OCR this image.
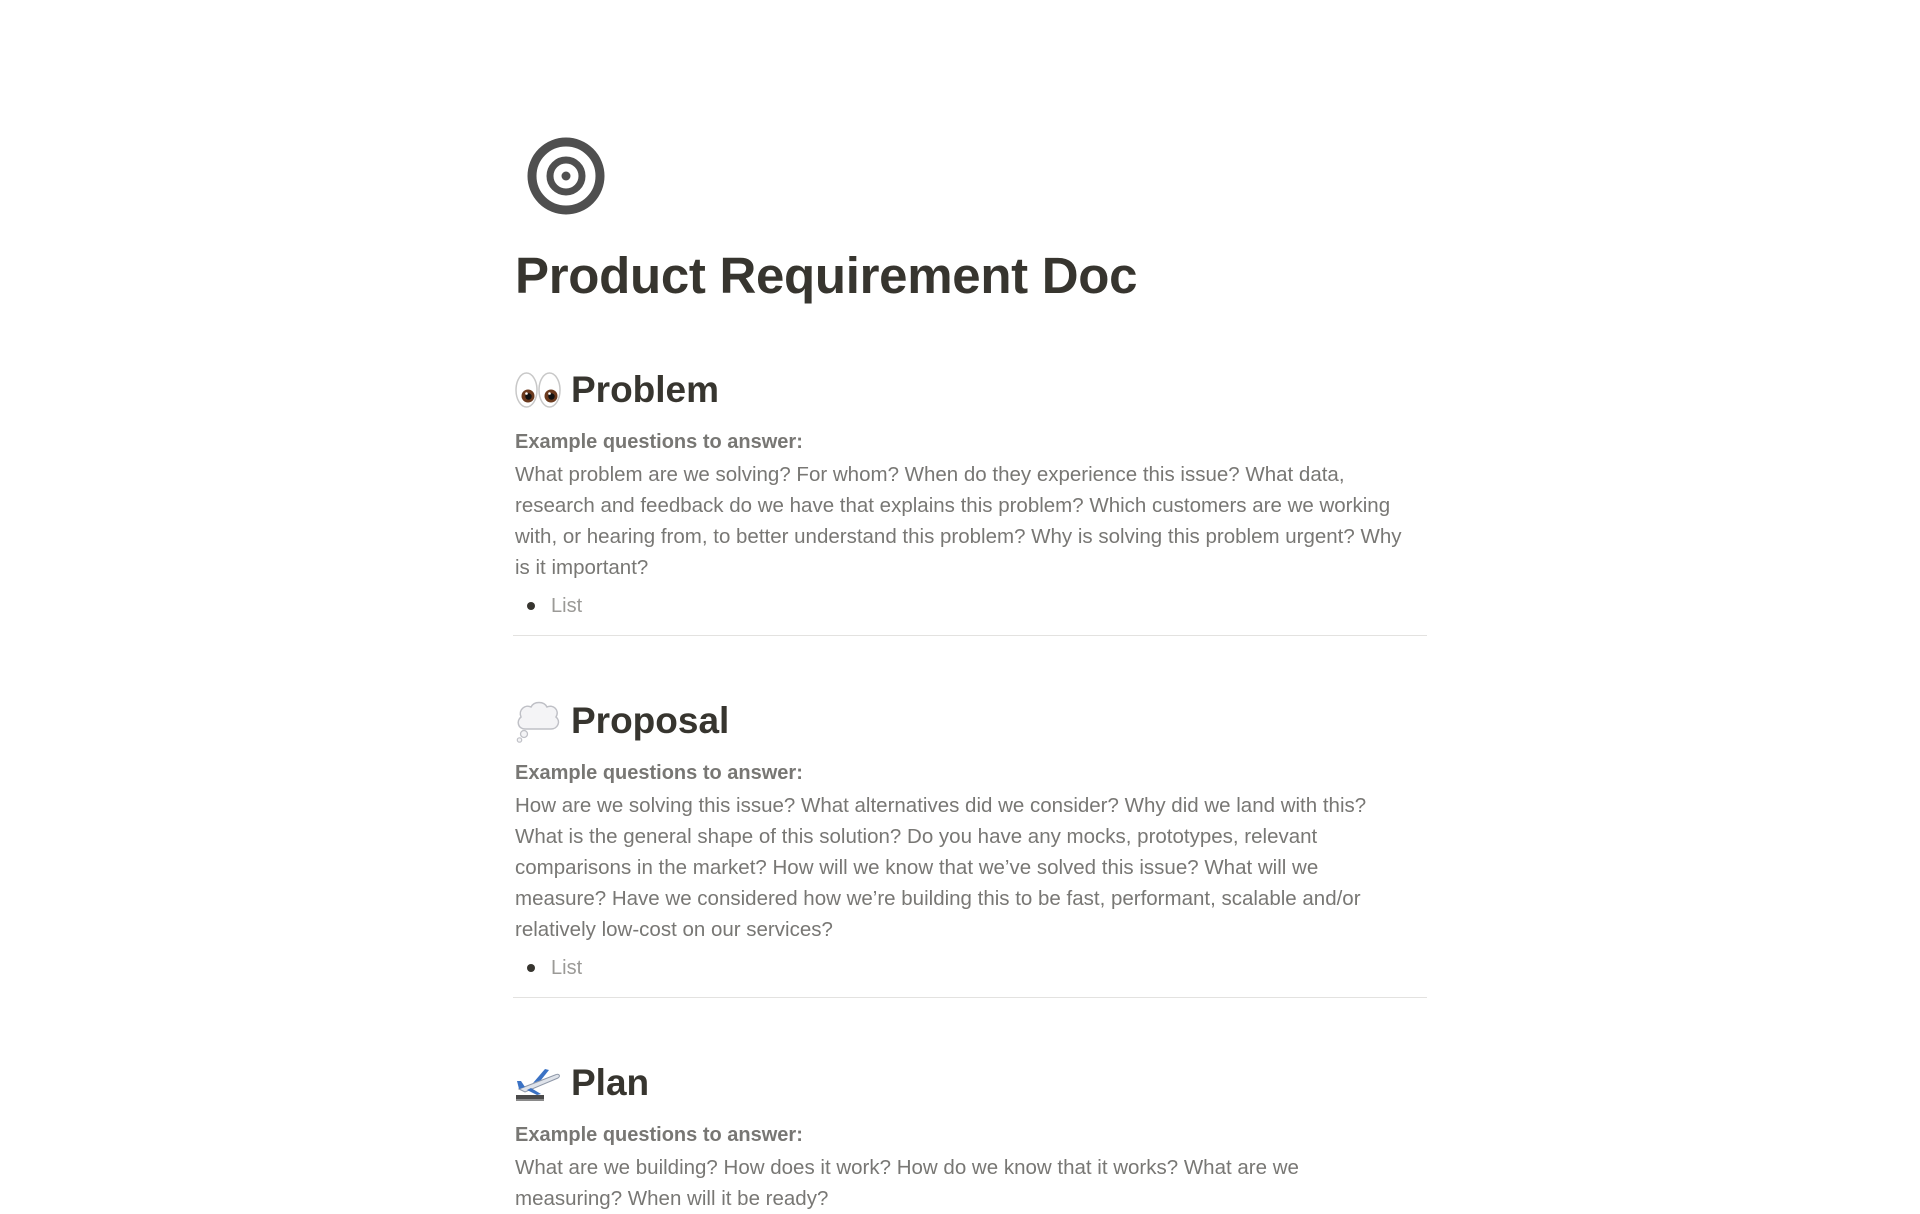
Product Requirement Doc
Problem
Example questions to answer:
What problem are we solving? For whom? When do they experience this issue? What data, research and feedback do we have that explains this problem? Which customers are we working with, or hearing from, to better understand this problem? Why is solving this problem urgent? Why is it important?
List
Proposal
Example questions to answer:
How are we solving this issue? What alternatives did we consider? Why did we land with this? What is the general shape of this solution? Do you have any mocks, prototypes, relevant comparisons in the market? How will we know that we’ve solved this issue? What will we measure? Have we considered how we’re building this to be fast, performant, scalable and/or relatively low-cost on our services?
List
Plan
Example questions to answer:
What are we building? How does it work? How do we know that it works? What are we measuring? When will it be ready?
